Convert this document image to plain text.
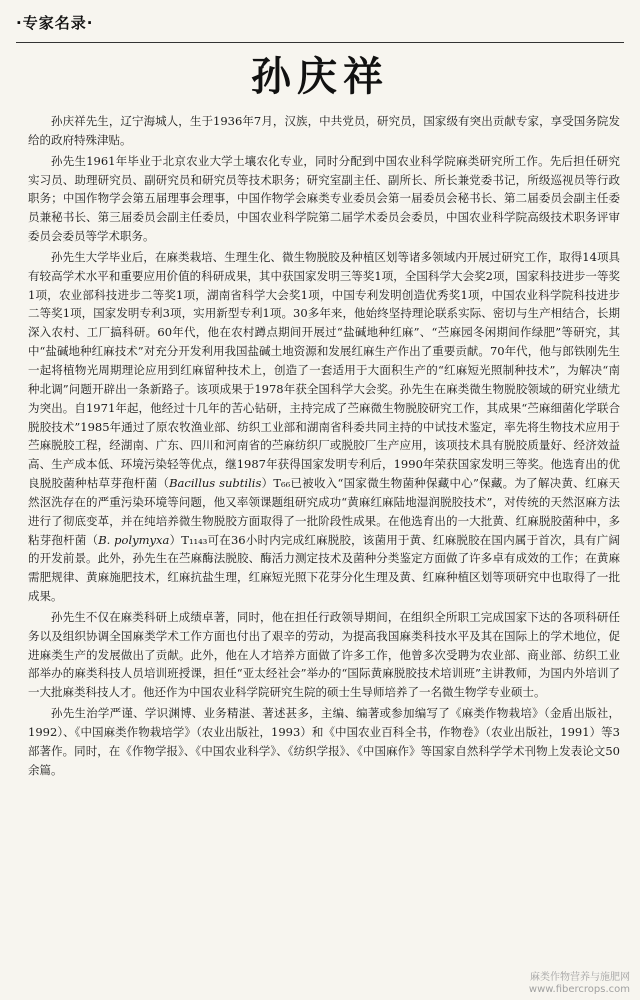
·专家名录·
孙庆祥

孙庆祥先生，辽宁海城人，生于1936年7月，汉族，中共党员，研究员，国家级有突出贡献专家，享受国务院发给的政府特殊津贴。

孙先生1961年毕业于北京农业大学土壤农化专业，同时分配到中国农业科学院麻类研究所工作。先后担任研究实习员、助理研究员、副研究员和研究员等技术职务；研究室副主任、副所长、所长兼党委书记，所级巡视员等行政职务；中国作物学会第五届理事会理事，中国作物学会麻类专业委员会第一届委员会秘书长、第二届委员会副主任委员兼秘书长、第三届委员会副主任委员，中国农业科学院第二届学术委员会委员，中国农业科学院高级技术职务评审委员会委员等学术职务。

孙先生大学毕业后，在麻类栽培、生理生化、微生物脱胶及种植区划等诸多领域内开展过研究工作，取得14项具有较高学术水平和重要应用价值的科研成果，其中获国家发明三等奖1项，全国科学大会奖2项，国家科技进步一等奖1项，农业部科技进步二等奖1项，湖南省科学大会奖1项，中国专利发明创造优秀奖1项，中国农业科学院科技进步二等奖1项，国家发明专利3项，实用新型专利1项。30多年来，他始终坚持理论联系实际、密切与生产相结合，长期深入农村、工厂搞科研。60年代，他在农村蹲点期间开展过“盐碱地种红麻”、“苎麻园冬闲期间作绿肥”等研究，其中“盐碱地种红麻技术”对充分开发利用我国盐碱土地资源和发展红麻生产作出了重要贡献。70年代，他与郎铁刚先生一起将植物光周期理论应用到红麻留种技术上，创造了一套适用于大面积生产的“红麻短光照制种技术”，为解决“南种北调”问题开辟出一条新路子。该项成果于1978年获全国科学大会奖。孙先生在麻类微生物脱胶领域的研究业绩尤为突出。自1971年起，他经过十几年的苦心钻研，主持完成了苎麻微生物脱胶研究工作，其成果“苎麻细菌化学联合脱胶技术”1985年通过了原农牧渔业部、纺织工业部和湖南省科委共同主持的中试技术鉴定，率先将生物技术应用于苎麻脱胶工程，经湖南、广东、四川和河南省的苎麻纺织厂或脱胶厂生产应用，该项技术具有脱胶质量好、经济效益高、生产成本低、环境污染轻等优点，继1987年获得国家发明专利后，1990年荣获国家发明三等奖。他选育出的优良脱胶菌种枯草芽孢杆菌（Bacillus subtilis）T₆₆已被收入“国家微生物菌种保藏中心”保藏。为了解决黄、红麻天然沤洗存在的严重污染环境等问题，他又率领课题组研究成功“黄麻红麻陆地湿润脱胶技术”，对传统的天然沤麻方法进行了彻底变革，并在纯培养微生物脱胶方面取得了一批阶段性成果。在他选育出的一大批黄、红麻脱胶菌种中，多粘芽孢杆菌（B. polymyxa）T₁₁₄₃可在36小时内完成红麻脱胶，该菌用于黄、红麻脱胶在国内属于首次，具有广阔的开发前景。此外，孙先生在苎麻酶法脱胶、酶活力测定技术及菌种分类鉴定方面做了许多卓有成效的工作；在黄麻需肥规律、黄麻施肥技术，红麻抗盐生理，红麻短光照下花芽分化生理及黄、红麻种植区划等项研究中也取得了一批成果。

孙先生不仅在麻类科研上成绩卓著，同时，他在担任行政领导期间，在组织全所职工完成国家下达的各项科研任务以及组织协调全国麻类学术工作方面也付出了艰辛的劳动，为提高我国麻类科技水平及其在国际上的学术地位，促进麻类生产的发展做出了贡献。此外，他在人才培养方面做了许多工作，他曾多次受聘为农业部、商业部、纺织工业部举办的麻类科技人员培训班授课，担任“亚太经社会”举办的“国际黄麻脱胶技术培训班”主讲教师，为国内外培训了一大批麻类科技人才。他还作为中国农业科学院研究生院的硕士生导师培养了一名微生物学专业硕士。

孙先生治学严谨、学识渊博、业务精湛、著述甚多，主编、编著或参加编写了《麻类作物栽培》（金盾出版社，1992）、《中国麻类作物栽培学》（农业出版社，1993）和《中国农业百科全书，作物卷》（农业出版社，1991）等3部著作。同时，在《作物学报》、《中国农业科学》、《纺织学报》、《中国麻作》等国家自然科学学术刊物上发表论文50余篇。

麻类作物营养与施肥网
www.fibercrops.com
